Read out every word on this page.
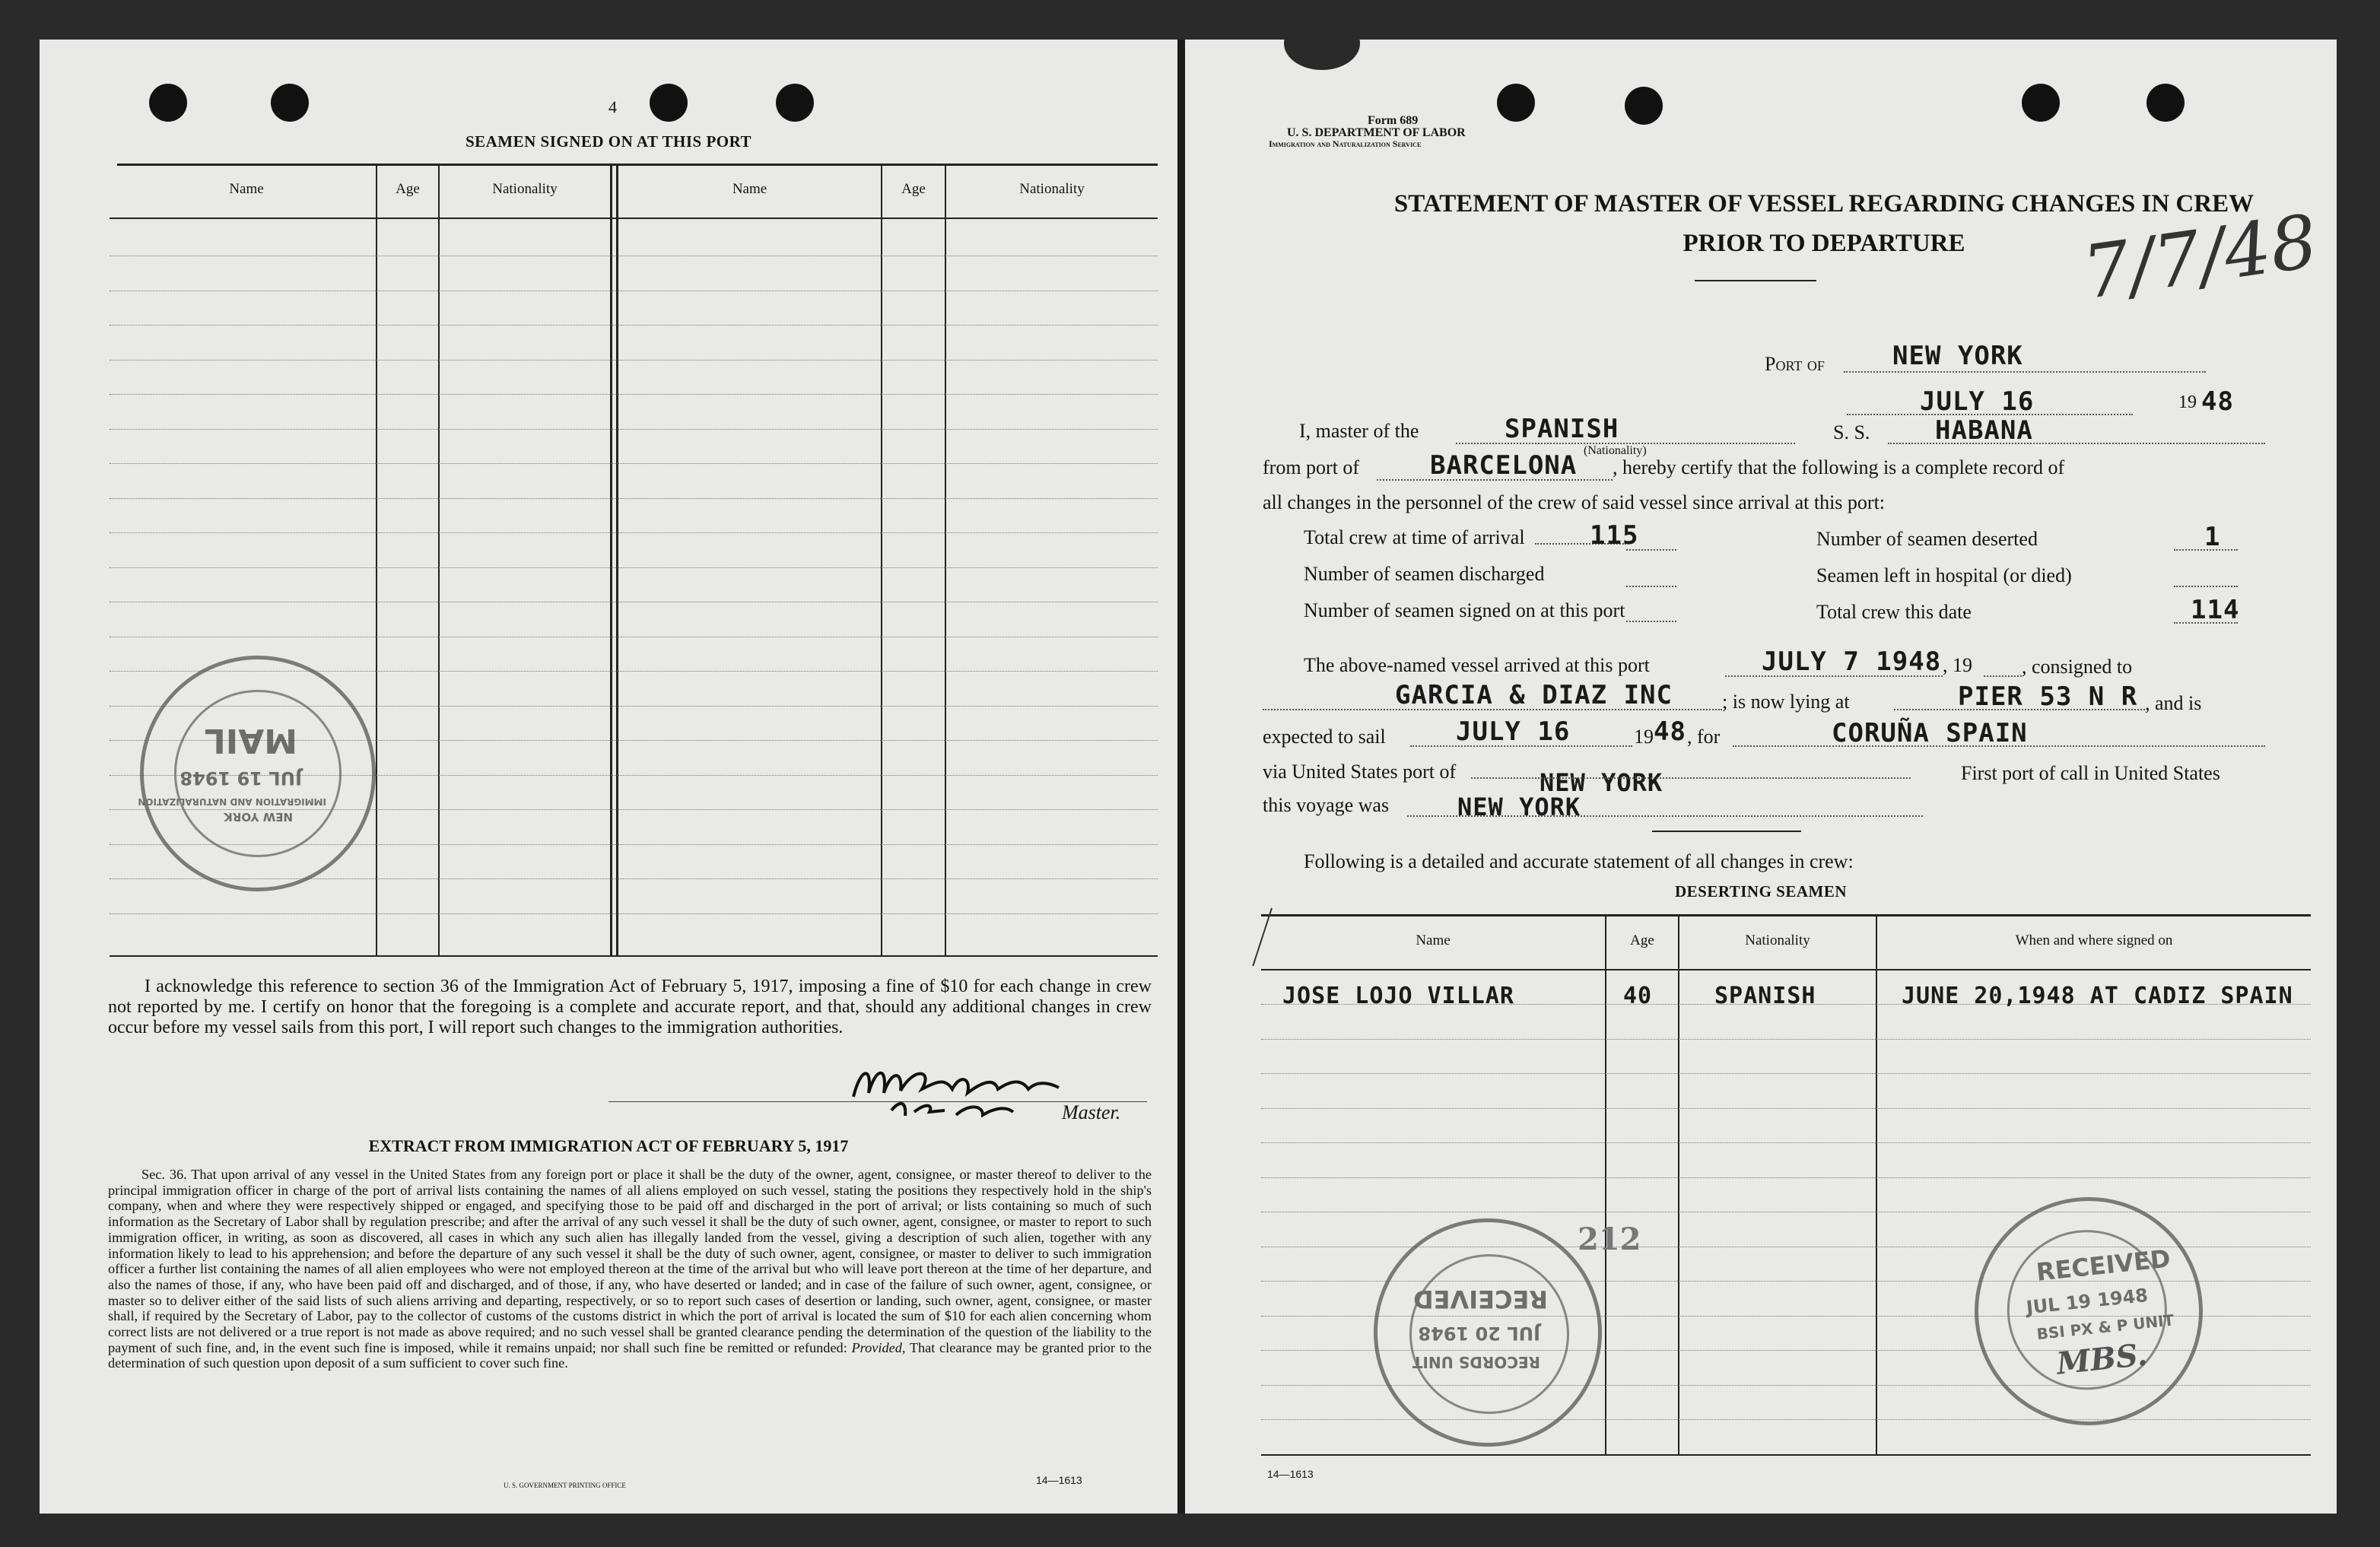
4
SEAMEN SIGNED ON AT THIS PORT
Name	Age	Nationality	Name	Age	Nationality
MAIL
JUL 19 1948
NEW YORK
IMMIGRATION AND NATURALIZATION
I acknowledge this reference to section 36 of the Immigration Act of February 5, 1917, imposing a fine of $10 for each change in crew not reported by me. I certify on honor that the foregoing is a complete and accurate report, and that, should any additional changes in crew occur before my vessel sails from this port, I will report such changes to the immigration authorities.
Master.
EXTRACT FROM IMMIGRATION ACT OF FEBRUARY 5, 1917
Sec. 36. That upon arrival of any vessel in the United States from any foreign port or place it shall be the duty of the owner, agent, consignee, or master thereof to deliver to the principal immigration officer in charge of the port of arrival lists containing the names of all aliens employed on such vessel, stating the positions they respectively hold in the ship's company, when and where they were respectively shipped or engaged, and specifying those to be paid off and discharged in the port of arrival; or lists containing so much of such information as the Secretary of Labor shall by regulation prescribe; and after the arrival of any such vessel it shall be the duty of such owner, agent, consignee, or master to report to such immigration officer, in writing, as soon as discovered, all cases in which any such alien has illegally landed from the vessel, giving a description of such alien, together with any information likely to lead to his apprehension; and before the departure of any such vessel it shall be the duty of such owner, agent, consignee, or master to deliver to such immigration officer a further list containing the names of all alien employees who were not employed thereon at the time of the arrival but who will leave port thereon at the time of her departure, and also the names of those, if any, who have been paid off and discharged, and of those, if any, who have deserted or landed; and in case of the failure of such owner, agent, consignee, or master so to deliver either of the said lists of such aliens arriving and departing, respectively, or so to report such cases of desertion or landing, such owner, agent, consignee, or master shall, if required by the Secretary of Labor, pay to the collector of customs of the customs district in which the port of arrival is located the sum of $10 for each alien concerning whom correct lists are not delivered or a true report is not made as above required; and no such vessel shall be granted clearance pending the determination of the question of the liability to the payment of such fine, and, in the event such fine is imposed, while it remains unpaid; nor shall such fine be remitted or refunded: Provided, That clearance may be granted prior to the determination of such question upon deposit of a sum sufficient to cover such fine.
U. S. GOVERNMENT PRINTING OFFICE	14—1613
Form 689
U. S. DEPARTMENT OF LABOR
Immigration and Naturalization Service
STATEMENT OF MASTER OF VESSEL REGARDING CHANGES IN CREW
PRIOR TO DEPARTURE	7/7/48
Port of	NEW YORK
JULY 16	19 48
I, master of the	SPANISH
(Nationality)
S. S.	HABANA
from port of	BARCELONA , hereby certify that the following is a complete record of
all changes in the personnel of the crew of said vessel since arrival at this port:
Total crew at time of arrival	115	Number of seamen deserted	1
Number of seamen discharged	Seamen left in hospital (or died)
Number of seamen signed on at this port	Total crew this date	114
The above-named vessel arrived at this port	JULY 7 1948 , 19	, consigned to
GARCIA & DIAZ INC	; is now lying at	PIER 53 N R , and is
expected to sail	JULY 16	19 48 , for	CORUÑA SPAIN
via United States port of	NEW YORK	First port of call in United States
this voyage was	NEW YORK
Following is a detailed and accurate statement of all changes in crew:
DESERTING SEAMEN
Name	Age	Nationality	When and where signed on
JOSE LOJO VILLAR	40	SPANISH	JUNE 20,1948 AT CADIZ SPAIN
212
RECEIVED
JUL 20 1948
RECORDS UNIT
RECEIVED
JUL 19 1948
BSI PX & P UNIT
MBS.
14—1613
